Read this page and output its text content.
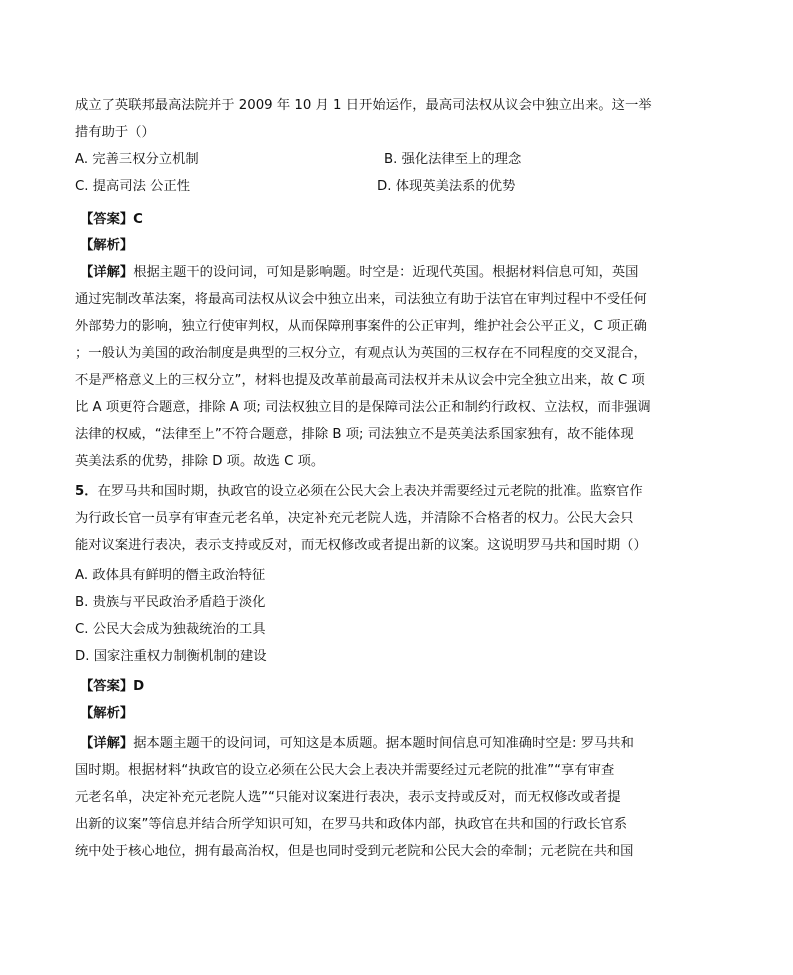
成立了英联邦最高法院并于 2009 年 10 月 1 日开始运作，最高司法权从议会中独立出来。这一举
措有助于（）
A. 完善三权分立机制	B. 强化法律至上的理念
C. 提高司法 公正性	D. 体现英美法系的优势
【答案】C
【解析】
【详解】根据主题干的设问词，可知是影响题。时空是：近现代英国。根据材料信息可知，英国
通过宪制改革法案，将最高司法权从议会中独立出来，司法独立有助于法官在审判过程中不受任何
外部势力的影响，独立行使审判权，从而保障刑事案件的公正审判，维护社会公平正义，C 项正确
；一般认为美国的政治制度是典型的三权分立，有观点认为英国的三权存在不同程度的交叉混合，
不是严格意义上的三权分立”，材料也提及改革前最高司法权并未从议会中完全独立出来，故 C 项
比 A 项更符合题意，排除 A 项; 司法权独立目的是保障司法公正和制约行政权、立法权，而非强调
法律的权威，“法律至上”不符合题意，排除 B 项; 司法独立不是英美法系国家独有，故不能体现
英美法系的优势，排除 D 项。故选 C 项。
5．在罗马共和国时期，执政官的设立必须在公民大会上表决并需要经过元老院的批准。监察官作
为行政长官一员享有审查元老名单，决定补充元老院人选，并清除不合格者的权力。公民大会只
能对议案进行表决，表示支持或反对，而无权修改或者提出新的议案。这说明罗马共和国时期（）
A. 政体具有鲜明的僭主政治特征
B. 贵族与平民政治矛盾趋于淡化
C. 公民大会成为独裁统治的工具
D. 国家注重权力制衡机制的建设
【答案】D
【解析】
【详解】据本题主题干的设问词，可知这是本质题。据本题时间信息可知准确时空是: 罗马共和
国时期。根据材料“执政官的设立必须在公民大会上表决并需要经过元老院的批准”“享有审查
元老名单，决定补充元老院人选”“只能对议案进行表决，表示支持或反对，而无权修改或者提
出新的议案”等信息并结合所学知识可知，在罗马共和政体内部，执政官在共和国的行政长官系
统中处于核心地位，拥有最高治权，但是也同时受到元老院和公民大会的牵制；元老院在共和国
